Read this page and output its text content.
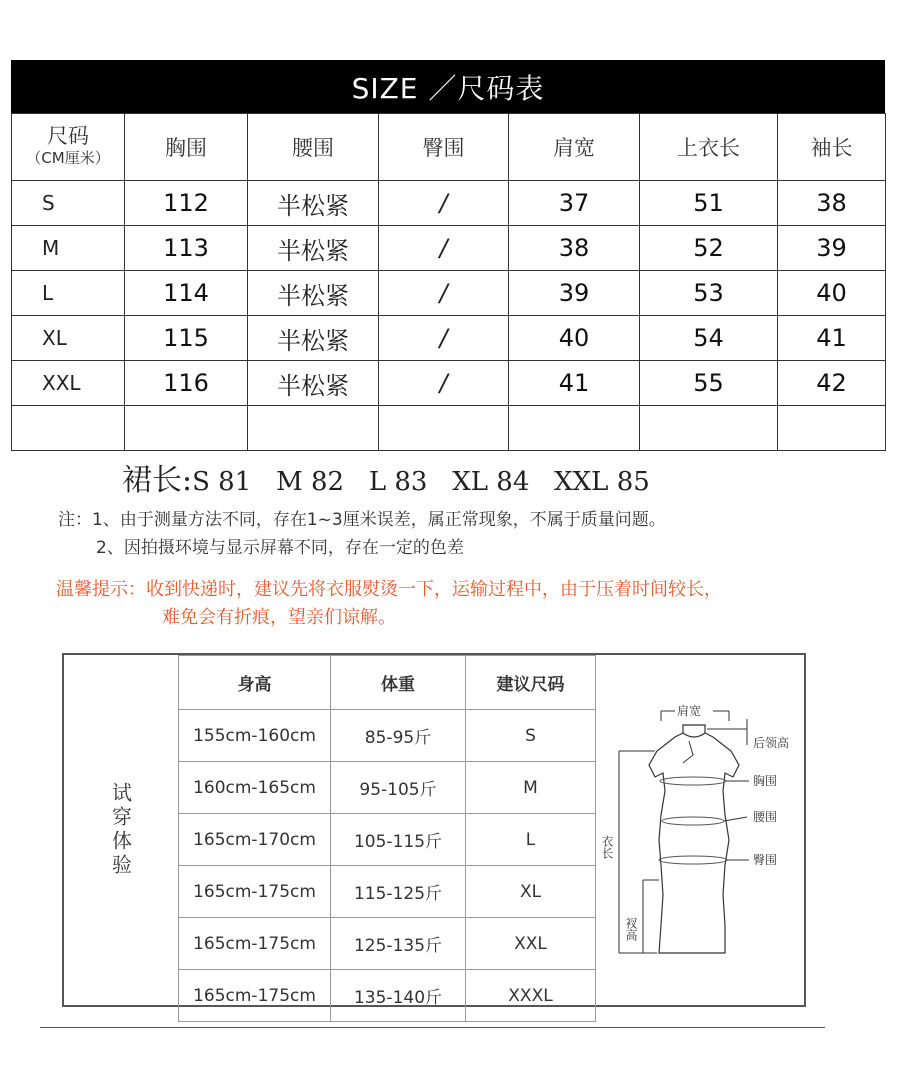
SIZE ／尺码表
尺码
（CM厘米）	胸围	腰围	臀围	肩宽	上衣长	袖长
S	112	半松紧	/	37	51	38
M	113	半松紧	/	38	52	39
L	114	半松紧	/	39	53	40
XL	115	半松紧	/	40	54	41
XXL	116	半松紧	/	41	55	42

裙长:S 81   M 82   L 83   XL 84   XXL 85
注：1、由于测量方法不同，存在1~3厘米误差，属正常现象，不属于质量问题。
2、因拍摄环境与显示屏幕不同，存在一定的色差
温馨提示：收到快递时，建议先将衣服熨烫一下，运输过程中，由于压着时间较长，
难免会有折痕，望亲们谅解。
试穿体验
身高	体重	建议尺码
155cm-160cm	85-95斤	S
160cm-165cm	95-105斤	M
165cm-170cm	105-115斤	L
165cm-175cm	115-125斤	XL
165cm-175cm	125-135斤	XXL
165cm-175cm	135-140斤	XXXL
肩宽
后领高
胸围
腰围
臀围
衣长
衩高
